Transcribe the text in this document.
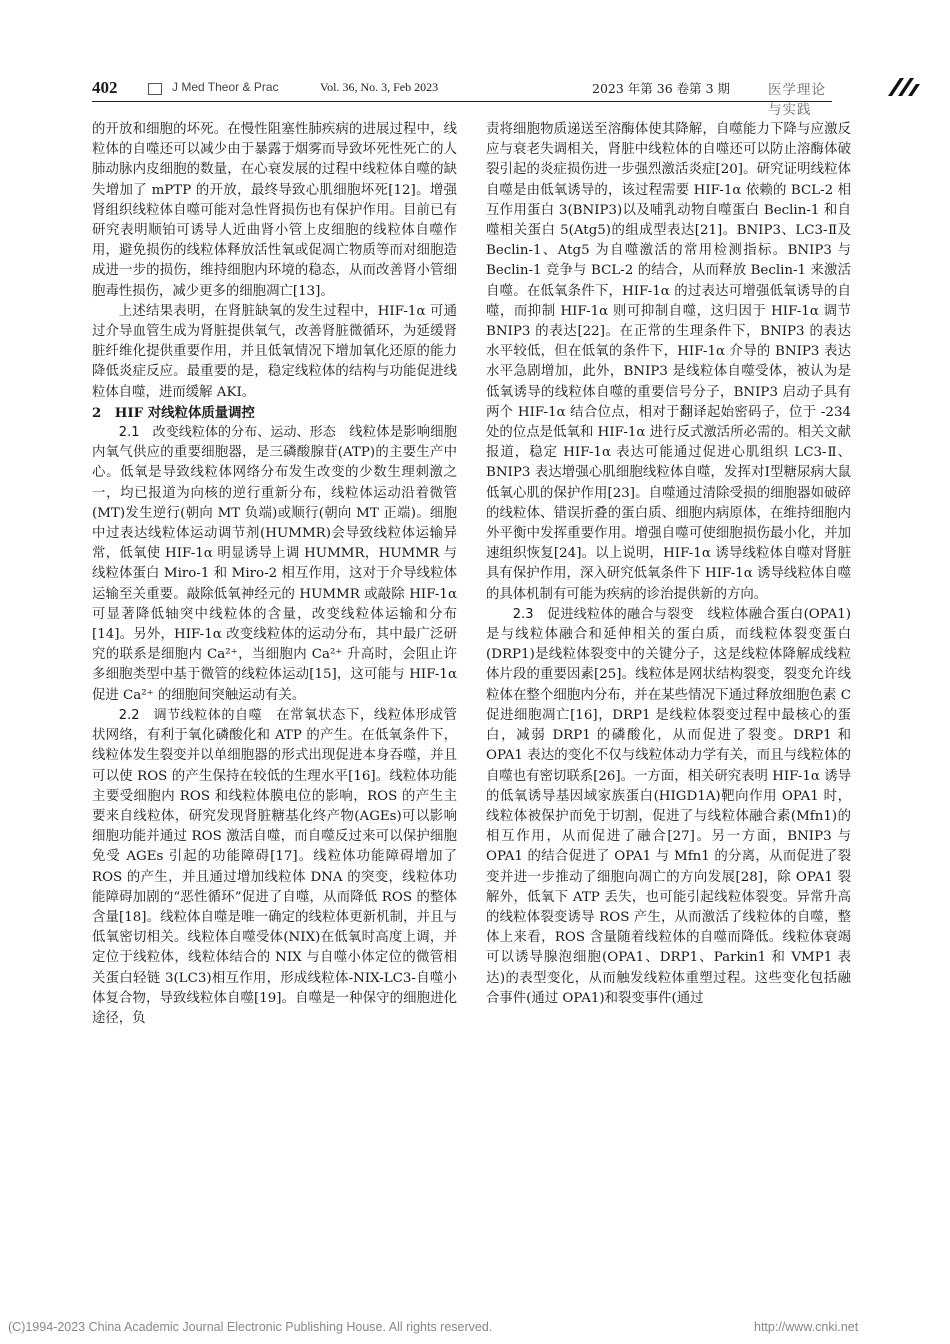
402	J Med Theor & Prac	Vol. 36, No. 3, Feb 2023	2023 年第 36 卷第 3 期	医学理论与实践

的开放和细胞的坏死。在慢性阻塞性肺疾病的进展过程中，线粒体的自噬还可以减少由于暴露于烟雾而导致坏死性死亡的人肺动脉内皮细胞的数量，在心衰发展的过程中线粒体自噬的缺失增加了 mPTP 的开放，最终导致心肌细胞坏死[12]。增强肾组织线粒体自噬可能对急性肾损伤也有保护作用。目前已有研究表明顺铂可诱导人近曲肾小管上皮细胞的线粒体自噬作用，避免损伤的线粒体释放活性氧或促凋亡物质等而对细胞造成进一步的损伤，维持细胞内环境的稳态，从而改善肾小管细胞毒性损伤，减少更多的细胞凋亡[13]。

上述结果表明，在肾脏缺氧的发生过程中，HIF-1α 可通过介导血管生成为肾脏提供氧气，改善肾脏微循环，为延缓肾脏纤维化提供重要作用，并且低氧情况下增加氧化还原的能力降低炎症反应。最重要的是，稳定线粒体的结构与功能促进线粒体自噬，进而缓解 AKI。

2　HIF 对线粒体质量调控

2.1　改变线粒体的分布、运动、形态　线粒体是影响细胞内氧气供应的重要细胞器，是三磷酸腺苷(ATP)的主要生产中心。低氧是导致线粒体网络分布发生改变的少数生理刺激之一，均已报道为向核的逆行重新分布，线粒体运动沿着微管(MT)发生逆行(朝向 MT 负端)或顺行(朝向 MT 正端)。细胞中过表达线粒体运动调节剂(HUMMR)会导致线粒体运输异常，低氧使 HIF-1α 明显诱导上调 HUMMR，HUMMR 与线粒体蛋白 Miro-1 和 Miro-2 相互作用，这对于介导线粒体运输至关重要。敲除低氧神经元的 HUMMR 或敲除 HIF-1α 可显著降低轴突中线粒体的含量，改变线粒体运输和分布[14]。另外，HIF-1α 改变线粒体的运动分布，其中最广泛研究的联系是细胞内 Ca²⁺，当细胞内 Ca²⁺ 升高时，会阻止许多细胞类型中基于微管的线粒体运动[15]，这可能与 HIF-1α 促进 Ca²⁺ 的细胞间突触运动有关。

2.2　调节线粒体的自噬　在常氧状态下，线粒体形成管状网络，有利于氧化磷酸化和 ATP 的产生。在低氧条件下，线粒体发生裂变并以单细胞器的形式出现促进本身吞噬，并且可以使 ROS 的产生保持在较低的生理水平[16]。线粒体功能主要受细胞内 ROS 和线粒体膜电位的影响，ROS 的产生主要来自线粒体，研究发现肾脏糖基化终产物(AGEs)可以影响细胞功能并通过 ROS 激活自噬，而自噬反过来可以保护细胞免受 AGEs 引起的功能障碍[17]。线粒体功能障碍增加了 ROS 的产生，并且通过增加线粒体 DNA 的突变，线粒体功能障碍加剧的“恶性循环”促进了自噬，从而降低 ROS 的整体含量[18]。线粒体自噬是唯一确定的线粒体更新机制，并且与低氧密切相关。线粒体自噬受体(NIX)在低氧时高度上调，并定位于线粒体，线粒体结合的 NIX 与自噬小体定位的微管相关蛋白轻链 3(LC3)相互作用，形成线粒体-NIX-LC3-自噬小体复合物，导致线粒体自噬[19]。自噬是一种保守的细胞进化途径，负

责将细胞物质递送至溶酶体使其降解，自噬能力下降与应激反应与衰老失调相关，肾脏中线粒体的自噬还可以防止溶酶体破裂引起的炎症损伤进一步强烈激活炎症[20]。研究证明线粒体自噬是由低氧诱导的，该过程需要 HIF-1α 依赖的 BCL-2 相互作用蛋白 3(BNIP3)以及哺乳动物自噬蛋白 Beclin-1 和自噬相关蛋白 5(Atg5)的组成型表达[21]。BNIP3、LC3-Ⅱ及 Beclin-1、Atg5 为自噬激活的常用检测指标。BNIP3 与 Beclin-1 竞争与 BCL-2 的结合，从而释放 Beclin-1 来激活自噬。在低氧条件下，HIF-1α 的过表达可增强低氧诱导的自噬，而抑制 HIF-1α 则可抑制自噬，这归因于 HIF-1α 调节 BNIP3 的表达[22]。在正常的生理条件下，BNIP3 的表达水平较低，但在低氧的条件下，HIF-1α 介导的 BNIP3 表达水平急剧增加，此外，BNIP3 是线粒体自噬受体，被认为是低氧诱导的线粒体自噬的重要信号分子，BNIP3 启动子具有两个 HIF-1α 结合位点，相对于翻译起始密码子，位于 -234 处的位点是低氧和 HIF-1α 进行反式激活所必需的。相关文献报道，稳定 HIF-1α 表达可能通过促进心肌组织 LC3-Ⅱ、BNIP3 表达增强心肌细胞线粒体自噬，发挥对Ⅰ型糖尿病大鼠低氧心肌的保护作用[23]。自噬通过清除受损的细胞器如破碎的线粒体、错误折叠的蛋白质、细胞内病原体，在维持细胞内外平衡中发挥重要作用。增强自噬可使细胞损伤最小化，并加速组织恢复[24]。以上说明，HIF-1α 诱导线粒体自噬对肾脏具有保护作用，深入研究低氧条件下 HIF-1α 诱导线粒体自噬的具体机制有可能为疾病的诊治提供新的方向。

2.3　促进线粒体的融合与裂变　线粒体融合蛋白(OPA1)是与线粒体融合和延伸相关的蛋白质，而线粒体裂变蛋白(DRP1)是线粒体裂变中的关键分子，这是线粒体降解成线粒体片段的重要因素[25]。线粒体是网状结构裂变，裂变允许线粒体在整个细胞内分布，并在某些情况下通过释放细胞色素 C 促进细胞凋亡[16]，DRP1 是线粒体裂变过程中最核心的蛋白，减弱 DRP1 的磷酸化，从而促进了裂变。DRP1 和 OPA1 表达的变化不仅与线粒体动力学有关，而且与线粒体的自噬也有密切联系[26]。一方面，相关研究表明 HIF-1α 诱导的低氧诱导基因域家族蛋白(HIGD1A)靶向作用 OPA1 时，线粒体被保护而免于切割，促进了与线粒体融合素(Mfn1)的相互作用，从而促进了融合[27]。另一方面，BNIP3 与 OPA1 的结合促进了 OPA1 与 Mfn1 的分离，从而促进了裂变并进一步推动了细胞向凋亡的方向发展[28]，除 OPA1 裂解外，低氧下 ATP 丢失，也可能引起线粒体裂变。异常升高的线粒体裂变诱导 ROS 产生，从而激活了线粒体的自噬，整体上来看，ROS 含量随着线粒体的自噬而降低。线粒体衰竭可以诱导腺泡细胞(OPA1、DRP1、Parkin1 和 VMP1 表达)的表型变化，从而触发线粒体重塑过程。这些变化包括融合事件(通过 OPA1)和裂变事件(通过

(C)1994-2023 China Academic Journal Electronic Publishing House. All rights reserved.	http://www.cnki.net
